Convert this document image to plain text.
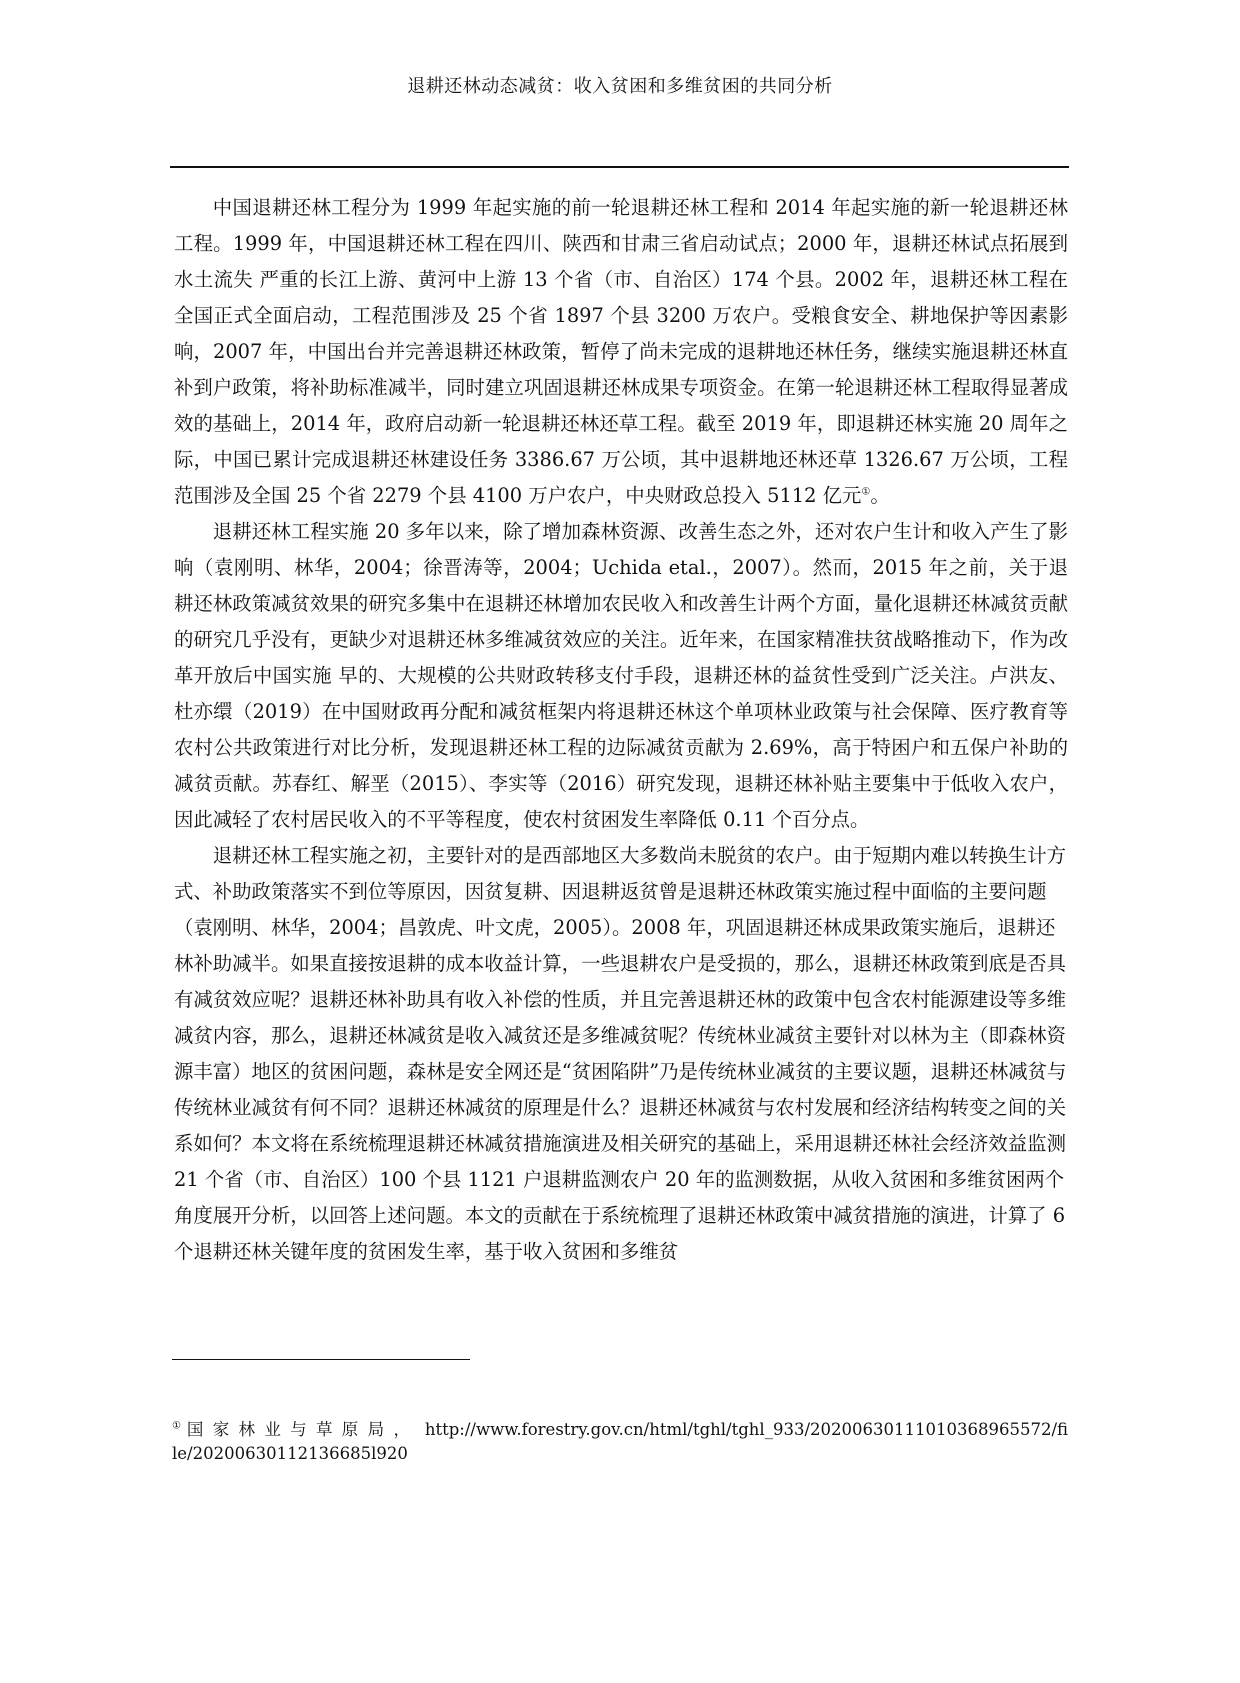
退耕还林动态减贫：收入贫困和多维贫困的共同分析

中国退耕还林工程分为 1999 年起实施的前一轮退耕还林工程和 2014 年起实施的新一轮退耕还林工程。1999 年，中国退耕还林工程在四川、陕西和甘肃三省启动试点；2000 年，退耕还林试点拓展到水土流失 严重的长江上游、黄河中上游 13 个省（市、自治区）174 个县。2002 年，退耕还林工程在全国正式全面启动，工程范围涉及 25 个省 1897 个县 3200 万农户。受粮食安全、耕地保护等因素影响，2007 年，中国出台并完善退耕还林政策，暂停了尚未完成的退耕地还林任务，继续实施退耕还林直补到户政策，将补助标准减半，同时建立巩固退耕还林成果专项资金。在第一轮退耕还林工程取得显著成效的基础上，2014 年，政府启动新一轮退耕还林还草工程。截至 2019 年，即退耕还林实施 20 周年之际，中国已累计完成退耕还林建设任务 3386.67 万公顷，其中退耕地还林还草 1326.67 万公顷，工程范围涉及全国 25 个省 2279 个县 4100 万户农户，中央财政总投入 5112 亿元①。

退耕还林工程实施 20 多年以来，除了增加森林资源、改善生态之外，还对农户生计和收入产生了影响（袁刚明、林华，2004；徐晋涛等，2004；Uchida etal.，2007）。然而，2015 年之前，关于退耕还林政策减贫效果的研究多集中在退耕还林增加农民收入和改善生计两个方面，量化退耕还林减贫贡献的研究几乎没有，更缺少对退耕还林多维减贫效应的关注。近年来，在国家精准扶贫战略推动下，作为改革开放后中国实施 早的、大规模的公共财政转移支付手段，退耕还林的益贫性受到广泛关注。卢洪友、杜亦缳（2019）在中国财政再分配和减贫框架内将退耕还林这个单项林业政策与社会保障、医疗教育等农村公共政策进行对比分析，发现退耕还林工程的边际减贫贡献为 2.69%，高于特困户和五保户补助的减贫贡献。苏春红、解垩（2015）、李实等（2016）研究发现，退耕还林补贴主要集中于低收入农户，因此减轻了农村居民收入的不平等程度，使农村贫困发生率降低 0.11 个百分点。

退耕还林工程实施之初，主要针对的是西部地区大多数尚未脱贫的农户。由于短期内难以转换生计方式、补助政策落实不到位等原因，因贫复耕、因退耕返贫曾是退耕还林政策实施过程中面临的主要问题（袁刚明、林华，2004；昌敦虎、叶文虎，2005）。2008 年，巩固退耕还林成果政策实施后，退耕还林补助减半。如果直接按退耕的成本收益计算，一些退耕农户是受损的，那么，退耕还林政策到底是否具有减贫效应呢？退耕还林补助具有收入补偿的性质，并且完善退耕还林的政策中包含农村能源建设等多维减贫内容，那么，退耕还林减贫是收入减贫还是多维减贫呢？传统林业减贫主要针对以林为主（即森林资源丰富）地区的贫困问题，森林是安全网还是“贫困陷阱”乃是传统林业减贫的主要议题，退耕还林减贫与传统林业减贫有何不同？退耕还林减贫的原理是什么？退耕还林减贫与农村发展和经济结构转变之间的关系如何？本文将在系统梳理退耕还林减贫措施演进及相关研究的基础上，采用退耕还林社会经济效益监测 21 个省（市、自治区）100 个县 1121 户退耕监测农户 20 年的监测数据，从收入贫困和多维贫困两个角度展开分析，以回答上述问题。本文的贡献在于系统梳理了退耕还林政策中减贫措施的演进，计算了 6 个退耕还林关键年度的贫困发生率，基于收入贫困和多维贫

① 国家林业与草原局， http://www.forestry.gov.cn/html/tghl/tghl_933/20200630111010368965572/file/20200630112136685l920
